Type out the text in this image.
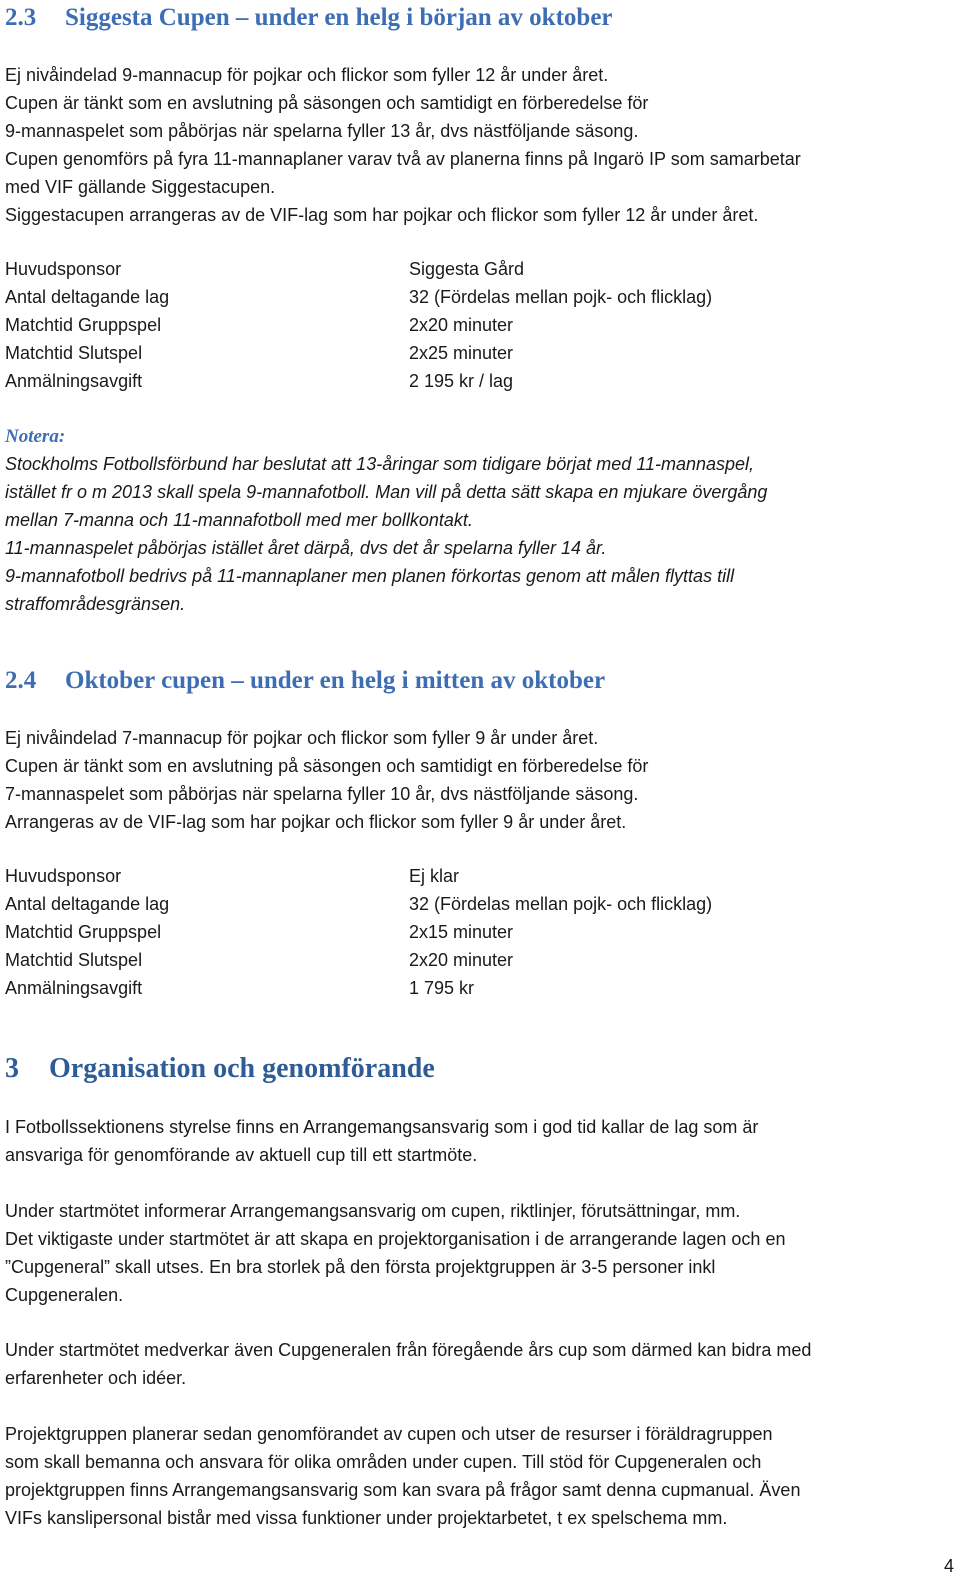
2.3 Siggesta Cupen – under en helg i början av oktober
Ej nivåindelad 9-mannacup för pojkar och flickor som fyller 12 år under året.
Cupen är tänkt som en avslutning på säsongen och samtidigt en förberedelse för
9-mannaspelet som påbörjas när spelarna fyller 13 år, dvs nästföljande säsong.
Cupen genomförs på fyra 11-mannaplaner varav två av planerna finns på Ingarö IP som samarbetar
med VIF gällande Siggestacupen.
Siggestacupen arrangeras av de VIF-lag som har pojkar och flickor som fyller 12 år under året.
Huvudsponsor	Siggesta Gård
Antal deltagande lag	32 (Fördelas mellan pojk- och flicklag)
Matchtid Gruppspel	2x20 minuter
Matchtid Slutspel	2x25 minuter
Anmälningsavgift	2 195 kr / lag
Notera:
Stockholms Fotbollsförbund har beslutat att 13-åringar som tidigare börjat med 11-mannaspel,
istället fr o m 2013 skall spela 9-mannafotboll. Man vill på detta sätt skapa en mjukare övergång
mellan 7-manna och 11-mannafotboll med mer bollkontakt.
11-mannaspelet påbörjas istället året därpå, dvs det år spelarna fyller 14 år.
9-mannafotboll bedrivs på 11-mannaplaner men planen förkortas genom att målen flyttas till
straffområdesgränsen.
2.4 Oktober cupen – under en helg i mitten av oktober
Ej nivåindelad 7-mannacup för pojkar och flickor som fyller 9 år under året.
Cupen är tänkt som en avslutning på säsongen och samtidigt en förberedelse för
7-mannaspelet som påbörjas när spelarna fyller 10 år, dvs nästföljande säsong.
Arrangeras av de VIF-lag som har pojkar och flickor som fyller 9 år under året.
Huvudsponsor	Ej klar
Antal deltagande lag	32 (Fördelas mellan pojk- och flicklag)
Matchtid Gruppspel	2x15 minuter
Matchtid Slutspel	2x20 minuter
Anmälningsavgift	1 795 kr
3 Organisation och genomförande
I Fotbollssektionens styrelse finns en Arrangemangsansvarig som i god tid kallar de lag som är
ansvariga för genomförande av aktuell cup till ett startmöte.
Under startmötet informerar Arrangemangsansvarig om cupen, riktlinjer, förutsättningar, mm.
Det viktigaste under startmötet är att skapa en projektorganisation i de arrangerande lagen och en
”Cupgeneral” skall utses. En bra storlek på den första projektgruppen är 3-5 personer inkl
Cupgeneralen.
Under startmötet medverkar även Cupgeneralen från föregående års cup som därmed kan bidra med
erfarenheter och idéer.
Projektgruppen planerar sedan genomförandet av cupen och utser de resurser i föräldragruppen
som skall bemanna och ansvara för olika områden under cupen. Till stöd för Cupgeneralen och
projektgruppen finns Arrangemangsansvarig som kan svara på frågor samt denna cupmanual. Även
VIFs kanslipersonal bistår med vissa funktioner under projektarbetet, t ex spelschema mm.
4
